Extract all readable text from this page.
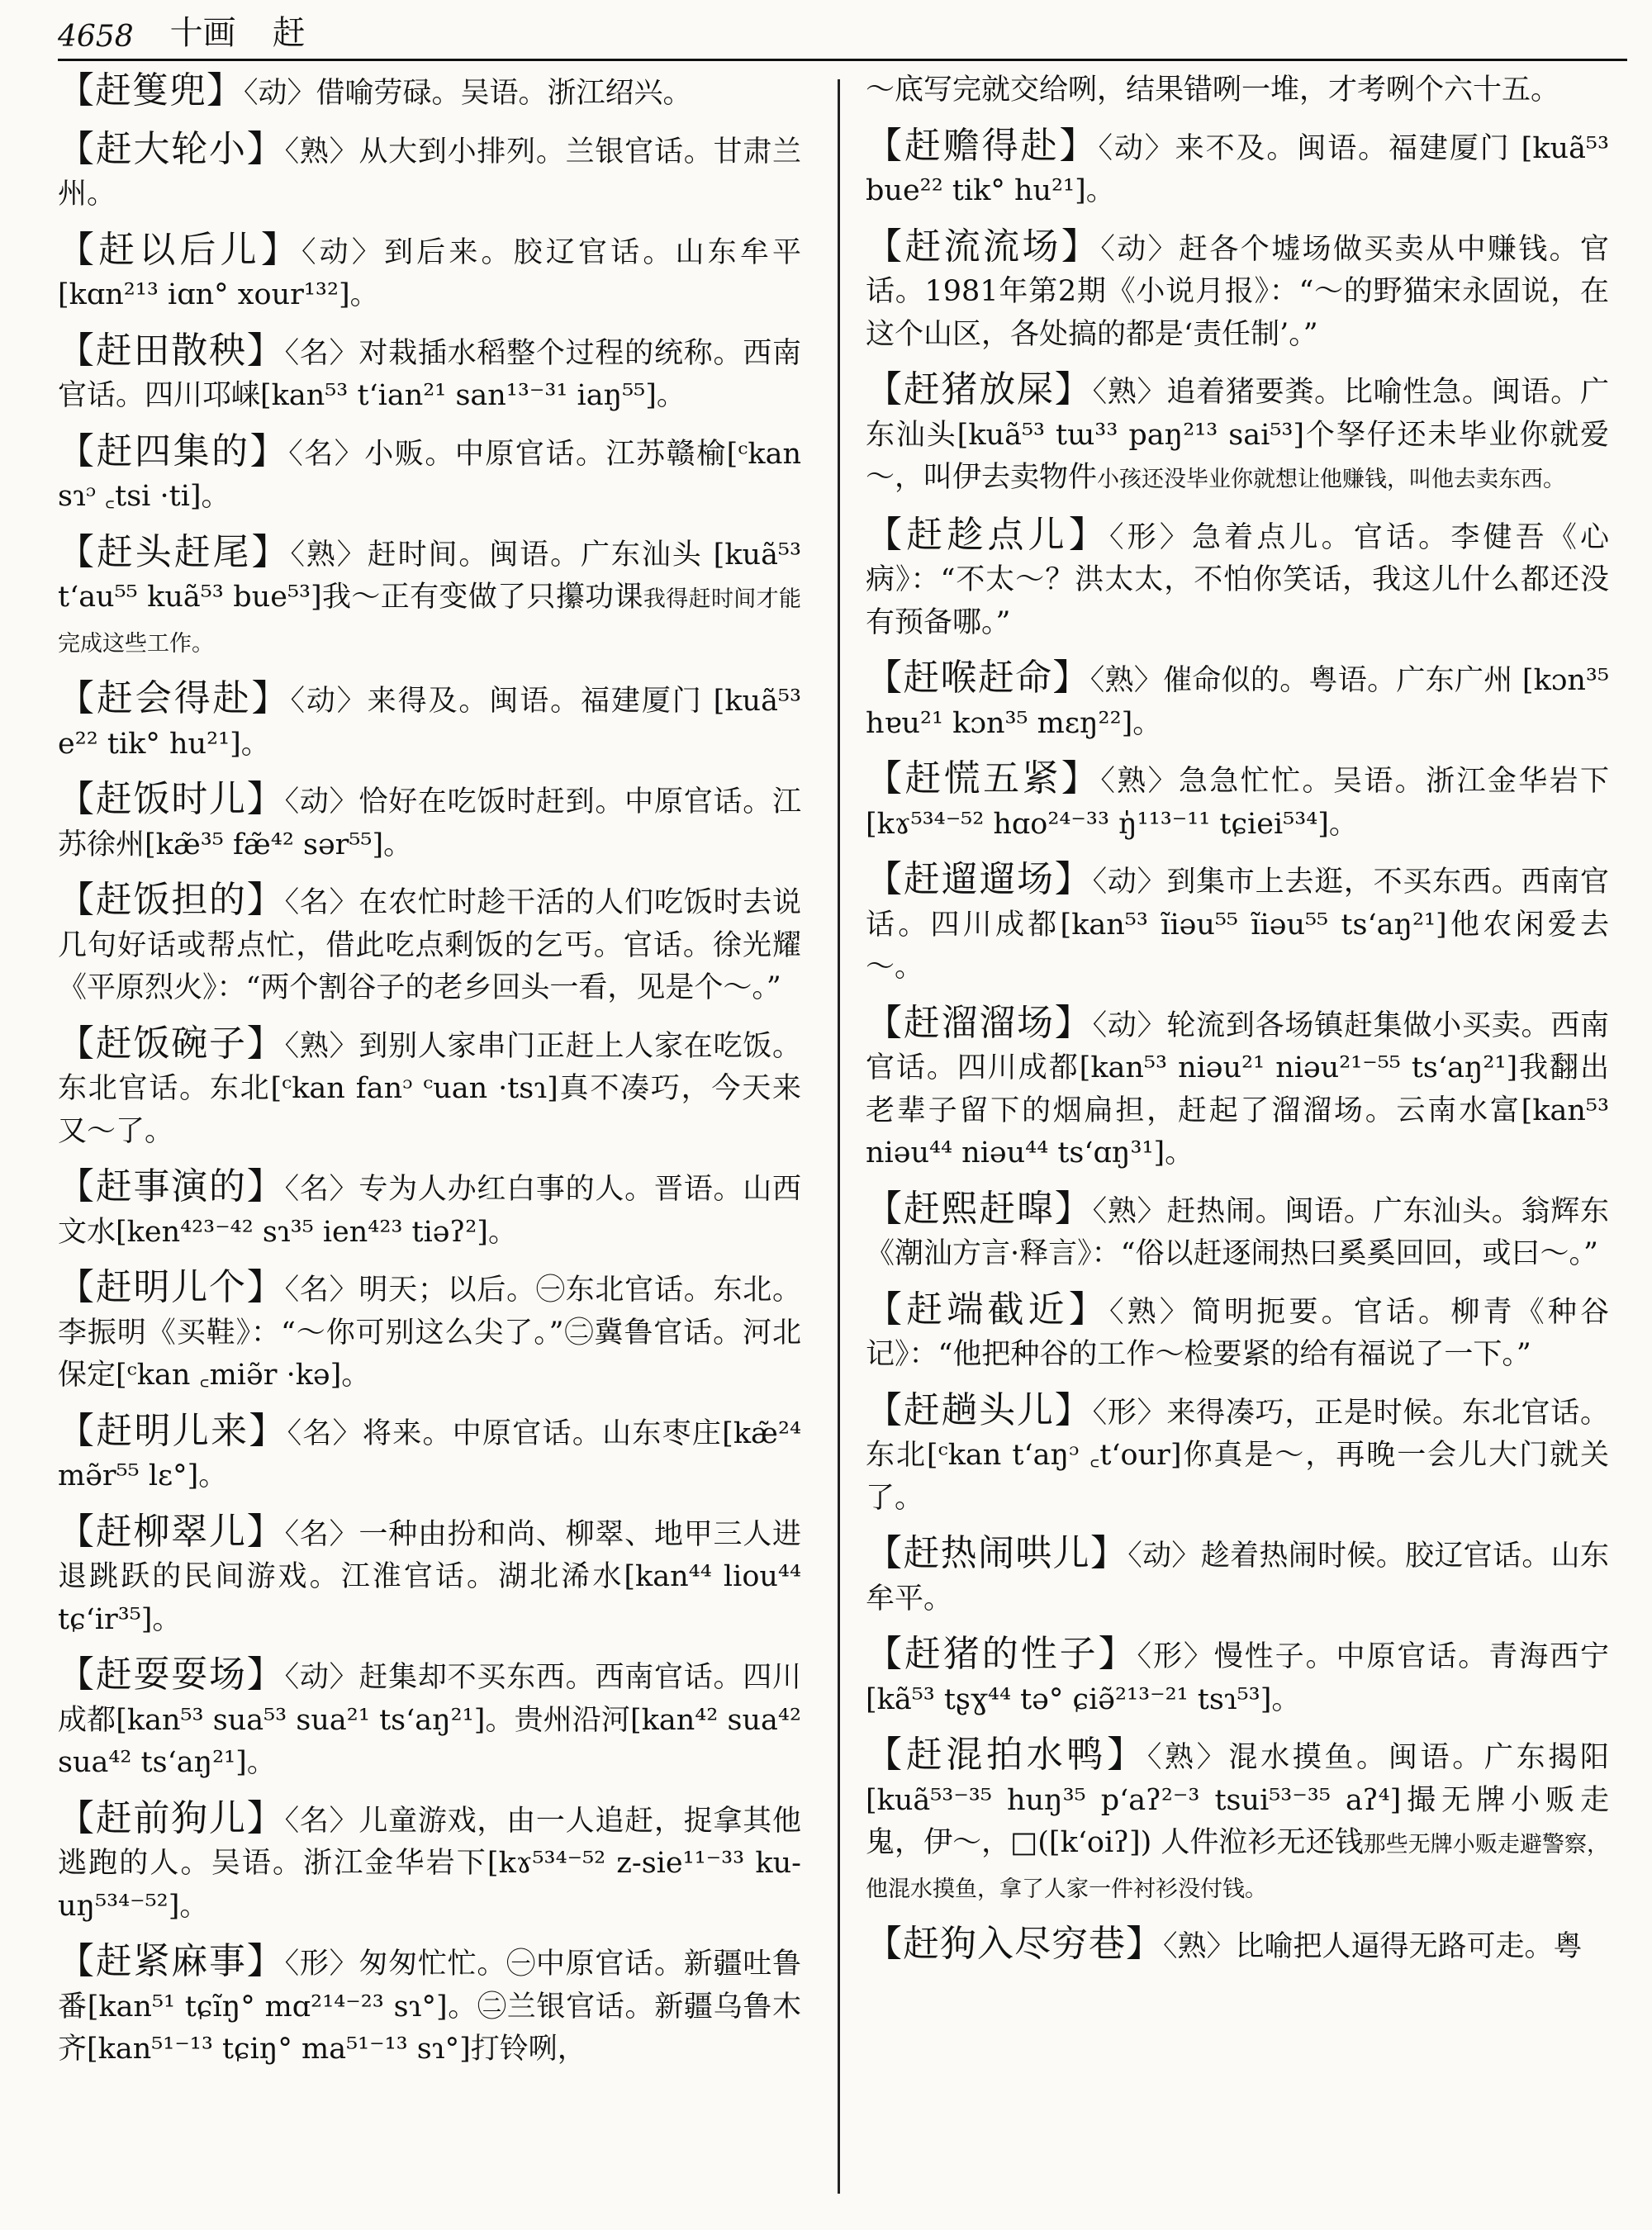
4658 十画 赶
【赶篗兜】〈动〉借喻劳碌。吴语。浙江绍兴。
【赶大轮小】〈熟〉从大到小排列。兰银官话。甘肃兰州。
【赶以后儿】〈动〉到后来。胶辽官话。山东牟平[kɑn²¹³ iɑn° xour¹³²]。
【赶田散秧】〈名〉对栽插水稻整个过程的统称。西南官话。四川邛崃[kan⁵³ tʻian²¹ san¹³⁻³¹ iaŋ⁵⁵]。
【赶四集的】〈名〉小贩。中原官话。江苏赣榆[ᶜkan sɿᵓ ꜀tsi ·ti]。
【赶头赶尾】〈熟〉赶时间。闽语。广东汕头 [kuã⁵³ tʻau⁵⁵ kuã⁵³ bue⁵³]我～正有变做了只攥功课我得赶时间才能完成这些工作。
【赶会得赴】〈动〉来得及。闽语。福建厦门 [kuã⁵³ e²² tik° hu²¹]。
【赶饭时儿】〈动〉恰好在吃饭时赶到。中原官话。江苏徐州[kæ̃³⁵ fæ̃⁴² sər⁵⁵]。
【赶饭担的】〈名〉在农忙时趁干活的人们吃饭时去说几句好话或帮点忙，借此吃点剩饭的乞丐。官话。徐光耀《平原烈火》：“两个割谷子的老乡回头一看，见是个～。”
【赶饭碗子】〈熟〉到别人家串门正赶上人家在吃饭。东北官话。东北[ᶜkan fanᵓ ᶜuan ·tsɿ]真不凑巧，今天来又～了。
【赶事演的】〈名〉专为人办红白事的人。晋语。山西文水[ken⁴²³⁻⁴² sɿ³⁵ ien⁴²³ tiəʔ²]。
【赶明儿个】〈名〉明天；以后。㊀东北官话。东北。李振明《买鞋》：“～你可别这么尖了。”㊁冀鲁官话。河北保定[ᶜkan ꜀miə̃r ·kə]。
【赶明儿来】〈名〉将来。中原官话。山东枣庄[kæ̃²⁴ mə̃r⁵⁵ lɛ°]。
【赶柳翠儿】〈名〉一种由扮和尚、柳翠、地甲三人进退跳跃的民间游戏。江淮官话。湖北浠水[kan⁴⁴ liou⁴⁴ tɕʻir³⁵]。
【赶耍耍场】〈动〉赶集却不买东西。西南官话。四川成都[kan⁵³ sua⁵³ sua²¹ tsʻaŋ²¹]。贵州沿河[kan⁴² sua⁴² sua⁴² tsʻaŋ²¹]。
【赶前狗儿】〈名〉儿童游戏，由一人追赶，捉拿其他逃跑的人。吴语。浙江金华岩下[kɤ⁵³⁴⁻⁵² z-sie¹¹⁻³³ ku-uŋ⁵³⁴⁻⁵²]。
【赶紧麻事】〈形〉匆匆忙忙。㊀中原官话。新疆吐鲁番[kan⁵¹ tɕĩŋ° mɑ²¹⁴⁻²³ sɿ°]。㊁兰银官话。新疆乌鲁木齐[kan⁵¹⁻¹³ tɕiŋ° ma⁵¹⁻¹³ sɿ°]打铃咧，
～底写完就交给咧，结果错咧一堆，才考咧个六十五。
【赶赡得赴】〈动〉来不及。闽语。福建厦门 [kuã⁵³ bue²² tik° hu²¹]。
【赶流流场】〈动〉赶各个墟场做买卖从中赚钱。官话。1981年第2期《小说月报》：“～的野猫宋永固说，在这个山区，各处搞的都是‘责任制’。”
【赶猪放屎】〈熟〉追着猪要粪。比喻性急。闽语。广东汕头[kuã⁵³ tɯ³³ paŋ²¹³ sai⁵³]个孥仔还未毕业你就爱～，叫伊去卖物件小孩还没毕业你就想让他赚钱，叫他去卖东西。
【赶趁点儿】〈形〉急着点儿。官话。李健吾《心病》：“不太～？洪太太，不怕你笑话，我这儿什么都还没有预备哪。”
【赶喉赶命】〈熟〉催命似的。粤语。广东广州 [kɔn³⁵ hɐu²¹ kɔn³⁵ mɛŋ²²]。
【赶慌五紧】〈熟〉急急忙忙。吴语。浙江金华岩下[kɤ⁵³⁴⁻⁵² hɑo²⁴⁻³³ ŋ̍¹¹³⁻¹¹ tɕiei⁵³⁴]。
【赶遛遛场】〈动〉到集市上去逛，不买东西。西南官话。四川成都[kan⁵³ ĩiəu⁵⁵ ĩiəu⁵⁵ tsʻaŋ²¹]他农闲爱去～。
【赶溜溜场】〈动〉轮流到各场镇赶集做小买卖。西南官话。四川成都[kan⁵³ niəu²¹ niəu²¹⁻⁵⁵ tsʻaŋ²¹]我翻出老辈子留下的烟扁担，赶起了溜溜场。云南水富[kan⁵³ niəu⁴⁴ niəu⁴⁴ tsʻɑŋ³¹]。
【赶熙赶暭】〈熟〉赶热闹。闽语。广东汕头。翁辉东《潮汕方言·释言》：“俗以赶逐闹热曰奚奚回回，或曰～。”
【赶端截近】〈熟〉简明扼要。官话。柳青《种谷记》：“他把种谷的工作～检要紧的给有福说了一下。”
【赶趟头儿】〈形〉来得凑巧，正是时候。东北官话。东北[ᶜkan tʻaŋᵓ ꜀tʻour]你真是～，再晚一会儿大门就关了。
【赶热闹哄儿】〈动〉趁着热闹时候。胶辽官话。山东牟平。
【赶猪的性子】〈形〉慢性子。中原官话。青海西宁 [kã⁵³ tʂɣ⁴⁴ tə° ɕiə̃²¹³⁻²¹ tsɿ⁵³]。
【赶混拍水鸭】〈熟〉混水摸鱼。闽语。广东揭阳 [kuã⁵³⁻³⁵ huŋ³⁵ pʻaʔ²⁻³ tsui⁵³⁻³⁵ aʔ⁴]撮无牌小贩走鬼，伊～，□([kʻoiʔ]) 人件涖衫无还钱那些无牌小贩走避警察，他混水摸鱼，拿了人家一件衬衫没付钱。
【赶狗入尽穷巷】〈熟〉比喻把人逼得无路可走。粤
